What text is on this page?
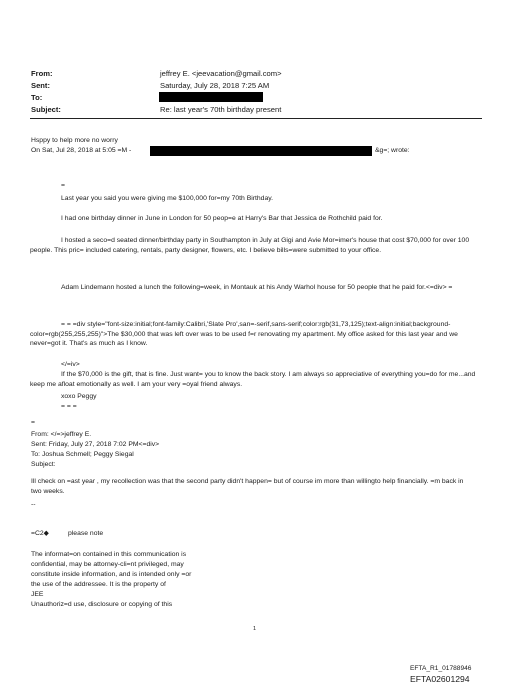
From:	jeffrey E. <jeevacation@gmail.com>
Sent:	Saturday, July 28, 2018 7:25 AM
To:
Subject:	Re: last year's 70th birthday present
Hsppy to help more no worry
On Sat, Jul 28, 2018 at 5:05 =M -	&g=; wrote:
=
Last year you said you were giving me $100,000 for=my 70th Birthday.
I had one birthday dinner in June in London for 50 peop=e at Harry's Bar that Jessica de Rothchild paid for.
I hosted a seco=d seated dinner/birthday party in Southampton in July at Gigi and Avie Mor=imer's house that cost $70,000 for over 100 people. This pric= included catering, rentals, party designer, flowers, etc. I believe bills=were submitted to your office.
Adam Lindemann hosted a lunch the following=week, in Montauk at his Andy Warhol house for 50 people that he paid for.<=div> =
= = =div style="font-size:initial;font-family:Calibri,'Slate Pro',san=-serif,sans-serif;color:rgb(31,73,125);text-align:initial;background-color=rgb(255,255,255)">The $30,000 that was left over was to be used f=r renovating my apartment. My office asked for this last year and we never=got it. That's as much as I know.
</=iv>
If the $70,000 is the gift, that is fine. Just want= you to know the back story. I am always so appreciative of everything you=do for me...and keep me afloat emotionally as well. I am your very =oyal friend always.
xoxo Peggy
= = =
=
From: </=>jeffrey E.
Sent: Friday, July 27, 2018 7:02 PM<=div>
To: Joshua Schmell; Peggy Siegal
Subject:
Ill check on =ast year , my recollection was that the second party didn't happen= but of course im more than willingto help financially. =m back in two weeks.
--
=C2◆	please note
The informat=on contained in this communication is
confidential, may be attorney-cli=nt privileged, may
constitute inside information, and is intended only =or
the use of the addressee. It is the property of
JEE
Unauthoriz=d use, disclosure or copying of this
1
EFTA_R1_01788946
EFTA02601294
